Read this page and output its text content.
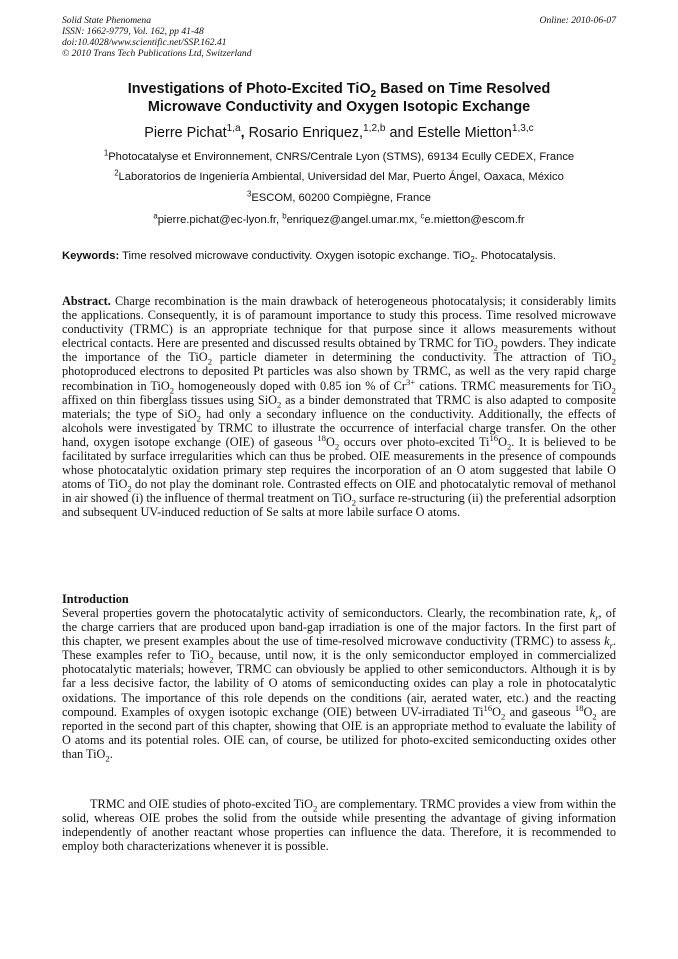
Solid State Phenomena
ISSN: 1662-9779, Vol. 162, pp 41-48
doi:10.4028/www.scientific.net/SSP.162.41
© 2010 Trans Tech Publications Ltd, Switzerland
Online: 2010-06-07
Investigations of Photo-Excited TiO$_2$ Based on Time Resolved
Microwave Conductivity and Oxygen Isotopic Exchange
Pierre Pichat$^{1,a}$, Rosario Enriquez,$^{1,2,b}$ and Estelle Mietton$^{1,3,c}$
$^1$Photocatalyse et Environnement, CNRS/Centrale Lyon (STMS), 69134 Ecully CEDEX, France
$^2$Laboratorios de Ingeniería Ambiental, Universidad del Mar, Puerto Ángel, Oaxaca, México
$^3$ESCOM, 60200 Compiègne, France
$^a$pierre.pichat@ec-lyon.fr, $^b$enriquez@angel.umar.mx, $^c$e.mietton@escom.fr
Keywords: Time resolved microwave conductivity. Oxygen isotopic exchange. TiO$_2$. Photocatalysis.

Abstract. Charge recombination is the main drawback of heterogeneous photocatalysis; it considerably limits the applications. Consequently, it is of paramount importance to study this process. Time resolved microwave conductivity (TRMC) is an appropriate technique for that purpose since it allows measurements without electrical contacts. Here are presented and discussed results obtained by TRMC for TiO$_2$ powders. They indicate the importance of the TiO$_2$ particle diameter in determining the conductivity. The attraction of TiO$_2$ photoproduced electrons to deposited Pt particles was also shown by TRMC, as well as the very rapid charge recombination in TiO$_2$ homogeneously doped with 0.85 ion % of $Cr^{3+}$ cations. TRMC measurements for TiO$_2$ affixed on thin fiberglass tissues using SiO$_2$ as a binder demonstrated that TRMC is also adapted to composite materials; the type of SiO$_2$ had only a secondary influence on the conductivity. Additionally, the effects of alcohols were investigated by TRMC to illustrate the occurrence of interfacial charge transfer. On the other hand, oxygen isotope exchange (OIE) of gaseous $^{18}O_2$ occurs over photo-excited $Ti^{16}O_2$. It is believed to be facilitated by surface irregularities which can thus be probed. OIE measurements in the presence of compounds whose photocatalytic oxidation primary step requires the incorporation of an O atom suggested that labile O atoms of TiO$_2$ do not play the dominant role. Contrasted effects on OIE and photocatalytic removal of methanol in air showed (i) the influence of thermal treatment on TiO$_2$ surface re-structuring (ii) the preferential adsorption and subsequent UV-induced reduction of Se salts at more labile surface O atoms.

Introduction

Several properties govern the photocatalytic activity of semiconductors. Clearly, the recombination rate, $k_r$, of the charge carriers that are produced upon band-gap irradiation is one of the major factors. In the first part of this chapter, we present examples about the use of time-resolved microwave conductivity (TRMC) to assess $k_r$. These examples refer to TiO$_2$ because, until now, it is the only semiconductor employed in commercialized photocatalytic materials; however, TRMC can obviously be applied to other semiconductors. Although it is by far a less decisive factor, the lability of O atoms of semiconducting oxides can play a role in photocatalytic oxidations. The importance of this role depends on the conditions (air, aerated water, etc.) and the reacting compound. Examples of oxygen isotopic exchange (OIE) between UV-irradiated $Ti^{16}O_2$ and gaseous $^{18}O_2$ are reported in the second part of this chapter, showing that OIE is an appropriate method to evaluate the lability of O atoms and its potential roles. OIE can, of course, be utilized for photo-excited semiconducting oxides other than TiO$_2$.

TRMC and OIE studies of photo-excited TiO$_2$ are complementary. TRMC provides a view from within the solid, whereas OIE probes the solid from the outside while presenting the advantage of giving information independently of another reactant whose properties can influence the data. Therefore, it is recommended to employ both characterizations whenever it is possible.
